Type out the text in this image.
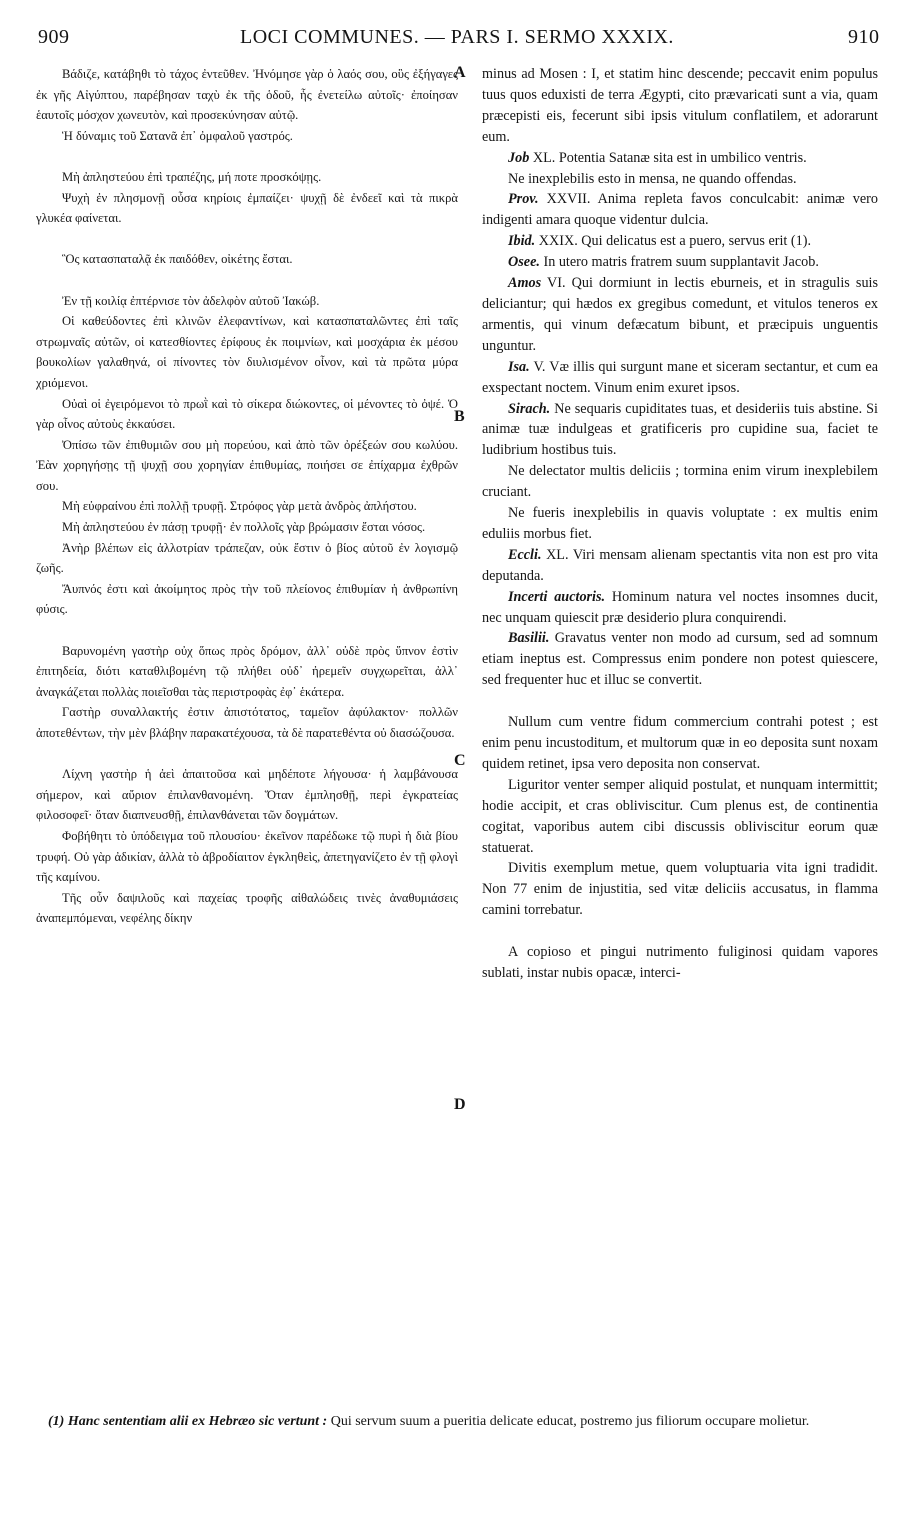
909	LOCI COMMUNES. — PARS I. SERMO XXXIX.	910

Βάδιζε, κατάβηθι τὸ τάχος ἐντεῦθεν. Ἠνόμησε γὰρ ὁ λαός σου, οὓς ἐξήγαγες ἐκ γῆς Αἰγύπτου, παρέβησαν ταχὺ ἐκ τῆς ὁδοῦ, ἧς ἐνετείλω αὐτοῖς· ἐποίησαν ἑαυτοῖς μόσχον χωνευτὸν, καὶ προσεκύνησαν αὐτῷ.

Ἡ δύναμις τοῦ Σατανᾶ ἐπ᾽ ὀμφαλοῦ γαστρός.

Μὴ ἀπληστεύου ἐπὶ τραπέζης, μή ποτε προσκόψῃς.

Ψυχὴ ἐν πλησμονῇ οὖσα κηρίοις ἐμπαίζει· ψυχῇ δὲ ἐνδεεῖ καὶ τὰ πικρὰ γλυκέα φαίνεται.

Ὃς κατασπαταλᾷ ἐκ παιδόθεν, οἰκέτης ἔσται.

Ἐν τῇ κοιλίᾳ ἐπτέρνισε τὸν ἀδελφὸν αὐτοῦ Ἰακώβ.

Οἱ καθεύδοντες ἐπὶ κλινῶν ἐλεφαντίνων, καὶ κατασπαταλῶντες ἐπὶ ταῖς στρωμναῖς αὐτῶν, οἱ κατεσθίοντες ἐρίφους ἐκ ποιμνίων, καὶ μοσχάρια ἐκ μέσου βουκολίων γαλαθηνά, οἱ πίνοντες τὸν διυλισμένον οἶνον, καὶ τὰ πρῶτα μύρα χριόμενοι.

Οὐαὶ οἱ ἐγειρόμενοι τὸ πρωῒ καὶ τὸ σίκερα διώκοντες, οἱ μένοντες τὸ ὀψέ. Ὁ γὰρ οἶνος αὐτοὺς ἐκκαύσει.

Ὀπίσω τῶν ἐπιθυμιῶν σου μὴ πορεύου, καὶ ἀπὸ τῶν ὀρέξεών σου κωλύου. Ἐὰν χορηγήσῃς τῇ ψυχῇ σου χορηγίαν ἐπιθυμίας, ποιήσει σε ἐπίχαρμα ἐχθρῶν σου.

Μὴ εὐφραίνου ἐπὶ πολλῇ τρυφῇ. Στρόφος γὰρ μετὰ ἀνδρὸς ἀπλήστου.

Μὴ ἀπληστεύου ἐν πάσῃ τρυφῇ· ἐν πολλοῖς γὰρ βρώμασιν ἔσται νόσος.

Ἀνὴρ βλέπων εἰς ἀλλοτρίαν τράπεζαν, οὐκ ἔστιν ὁ βίος αὐτοῦ ἐν λογισμῷ ζωῆς.

Ἄυπνός ἐστι καὶ ἀκοίμητος πρὸς τὴν τοῦ πλείονος ἐπιθυμίαν ἡ ἀνθρωπίνη φύσις.

Βαρυνομένη γαστὴρ οὐχ ὅπως πρὸς δρόμον, ἀλλ᾽ οὐδὲ πρὸς ὕπνον ἐστὶν ἐπιτηδεία, διότι καταθλιβομένη τῷ πλήθει οὐδ᾽ ἠρεμεῖν συγχωρεῖται, ἀλλ᾽ ἀναγκάζεται πολλὰς ποιεῖσθαι τὰς περιστροφὰς ἐφ᾽ ἑκάτερα.

Γαστὴρ συναλλακτής ἐστιν ἀπιστότατος, ταμεῖον ἀφύλακτον· πολλῶν ἀποτεθέντων, τὴν μὲν βλάβην παρακατέχουσα, τὰ δὲ παρατεθέντα οὐ διασώζουσα.

Λίχνη γαστὴρ ἡ ἀεὶ ἀπαιτοῦσα καὶ μηδέποτε λήγουσα· ἡ λαμβάνουσα σήμερον, καὶ αὔριον ἐπιλανθανομένη. Ὅταν ἐμπλησθῇ, περὶ ἐγκρατείας φιλοσοφεῖ· ὅταν διαπνευσθῇ, ἐπιλανθάνεται τῶν δογμάτων.

Φοβήθητι τὸ ὑπόδειγμα τοῦ πλουσίου· ἐκεῖνον παρέδωκε τῷ πυρὶ ἡ διὰ βίου τρυφή. Οὐ γὰρ ἀδικίαν, ἀλλὰ τὸ ἁβροδίαιτον ἐγκληθεὶς, ἀπετηγανίζετο ἐν τῇ φλογὶ τῆς καμίνου.

Τῆς οὖν δαψιλοῦς καὶ παχείας τροφῆς αἰθαλώδεις τινὲς ἀναθυμιάσεις ἀναπεμπόμεναι, νεφέλης δίκην

minus ad Mosen : I, et statim hinc descende; peccavit enim populus tuus quos eduxisti de terra Ægypti, cito prævaricati sunt a via, quam præcepisti eis, fecerunt sibi ipsis vitulum conflatilem, et adorarunt eum.

Job XL. Potentia Satanæ sita est in umbilico ventris.

Ne inexplebilis esto in mensa, ne quando offendas.

Prov. XXVII. Anima repleta favos conculcabit: animæ vero indigenti amara quoque videntur dulcia.

Ibid. XXIX. Qui delicatus est a puero, servus erit (1).

Osee. In utero matris fratrem suum supplantavit Jacob.

Amos VI. Qui dormiunt in lectis eburneis, et in stragulis suis deliciantur; qui hædos ex gregibus comedunt, et vitulos teneros ex armentis, qui vinum defæcatum bibunt, et præcipuis unguentis unguntur.

Isa. V. Væ illis qui surgunt mane et siceram sectantur, et cum ea exspectant noctem. Vinum enim exuret ipsos.

Sirach. Ne sequaris cupiditates tuas, et desideriis tuis abstine. Si animæ tuæ indulgeas et gratificeris pro cupidine sua, faciet te ludibrium hostibus tuis.

Ne delectator multis deliciis ; tormina enim virum inexplebilem cruciant.

Ne fueris inexplebilis in quavis voluptate : ex multis enim eduliis morbus fiet.

Eccli. XL. Viri mensam alienam spectantis vita non est pro vita deputanda.

Incerti auctoris. Hominum natura vel noctes insomnes ducit, nec unquam quiescit præ desiderio plura conquirendi.

Basilii. Gravatus venter non modo ad cursum, sed ad somnum etiam ineptus est. Compressus enim pondere non potest quiescere, sed frequenter huc et illuc se convertit.

Nullum cum ventre fidum commercium contrahi potest ; est enim penu incustoditum, et multorum quæ in eo deposita sunt noxam quidem retinet, ipsa vero deposita non conservat.

Liguritor venter semper aliquid postulat, et nunquam intermittit; hodie accipit, et cras obliviscitur. Cum plenus est, de continentia cogitat, vaporibus autem cibi discussis obliviscitur eorum quæ statuerat.

Divitis exemplum metue, quem voluptuaria vita igni tradidit. Non 77 enim de injustitia, sed vitæ deliciis accusatus, in flamma camini torrebatur.

A copioso et pingui nutrimento fuliginosi quidam vapores sublati, instar nubis opacæ, interci-

A
B
C
D

(1) Hanc sententiam alii ex Hebræo sic vertunt : Qui servum suum a pueritia delicate educat, postremo jus filiorum occupare molietur.
